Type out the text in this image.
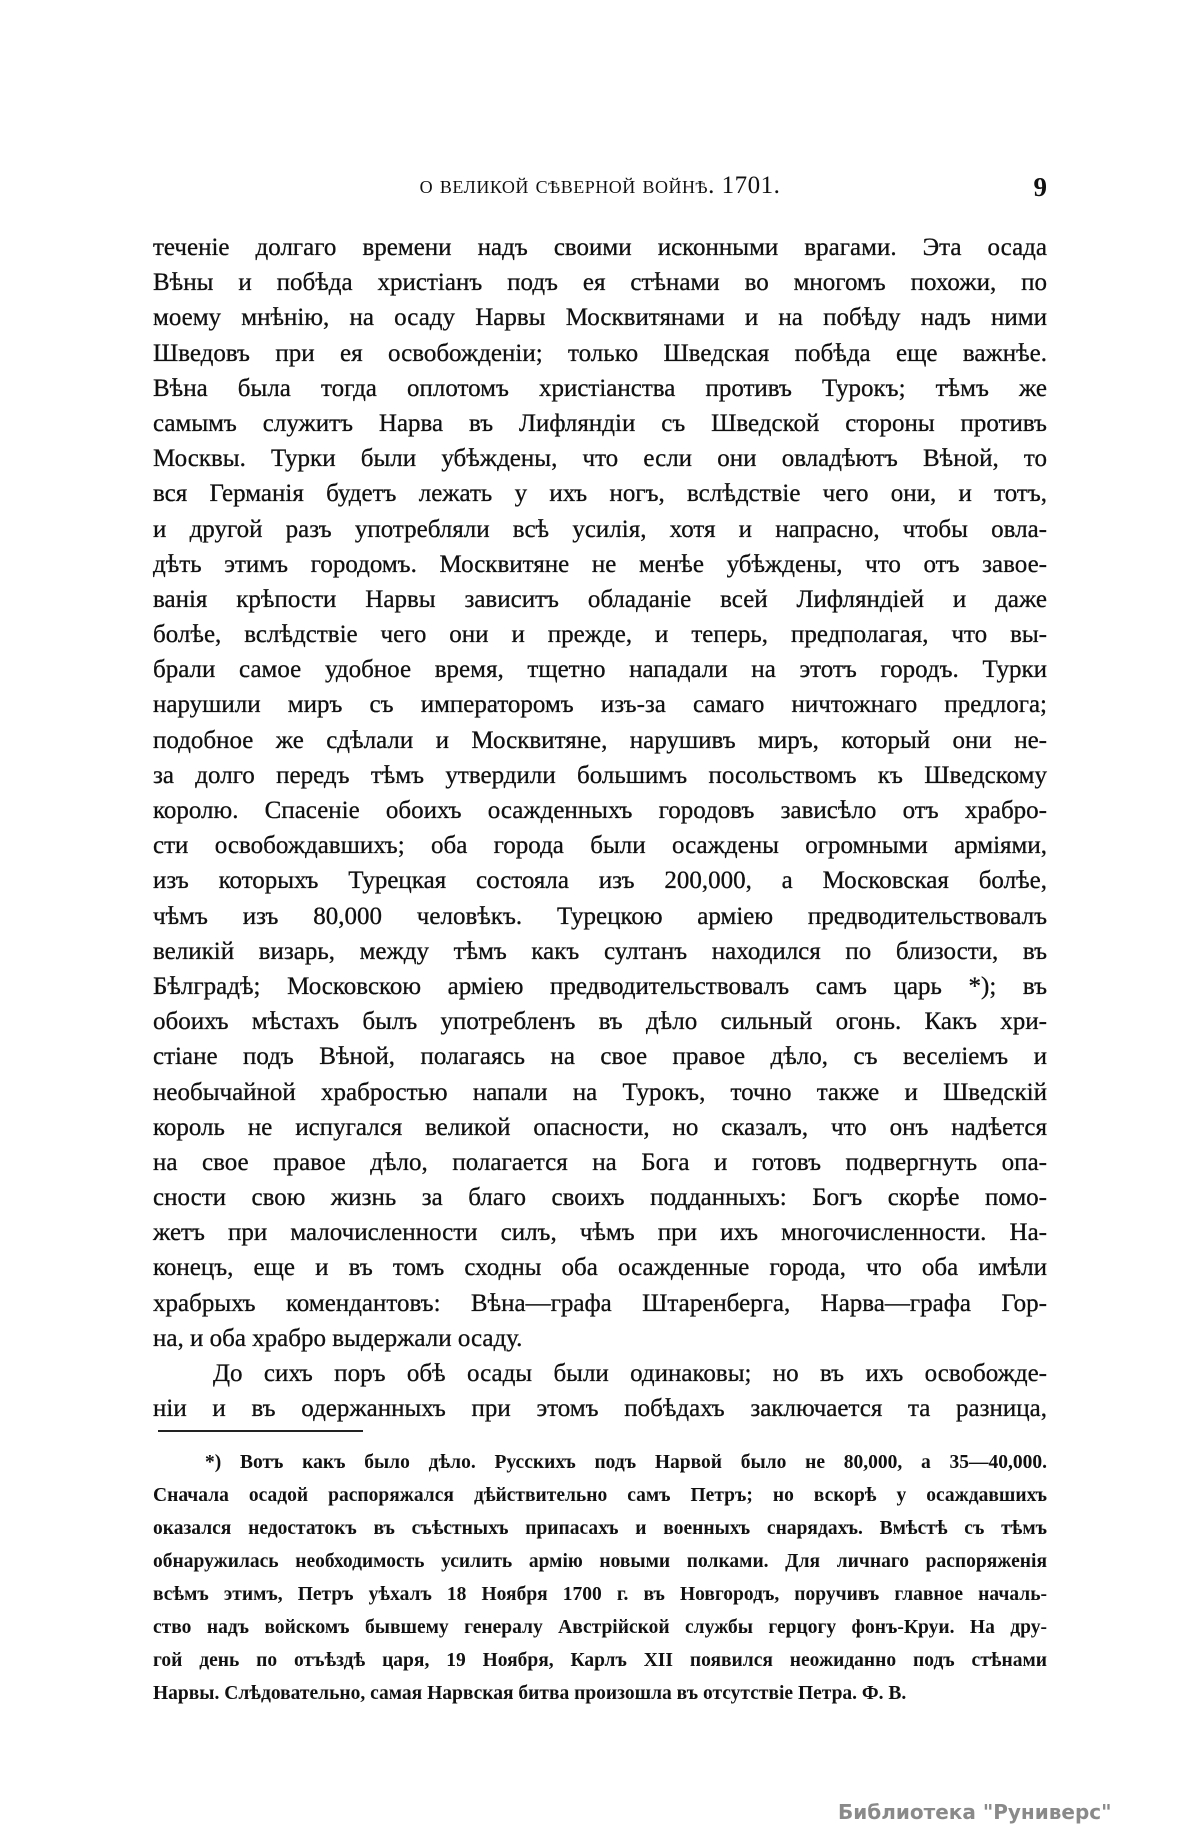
о великой сѣверной войнѣ. 1701.	9
теченіе долгаго времени надъ своими исконными врагами. Эта осада
Вѣны и побѣда христіанъ подъ ея стѣнами во многомъ похожи, по
моему мнѣнію, на осаду Нарвы Москвитянами и на побѣду надъ ними
Шведовъ при ея освобожденіи; только Шведская побѣда еще важнѣе.
Вѣна была тогда оплотомъ христіанства противъ Турокъ; тѣмъ же
самымъ служитъ Нарва въ Лифляндіи съ Шведской стороны противъ
Москвы. Турки были убѣждены, что если они овладѣютъ Вѣной, то
вся Германія будетъ лежать у ихъ ногъ, вслѣдствіе чего они, и тотъ,
и другой разъ употребляли всѣ усилія, хотя и напрасно, чтобы овла-
дѣть этимъ городомъ. Москвитяне не менѣе убѣждены, что отъ завое-
ванія крѣпости Нарвы зависитъ обладаніе всей Лифляндіей и даже
болѣе, вслѣдствіе чего они и прежде, и теперь, предполагая, что вы-
брали самое удобное время, тщетно нападали на этотъ городъ. Турки
нарушили миръ съ императоромъ изъ-за самаго ничтожнаго предлога;
подобное же сдѣлали и Москвитяне, нарушивъ миръ, который они не-
за долго передъ тѣмъ утвердили большимъ посольствомъ къ Шведскому
королю. Спасеніе обоихъ осажденныхъ городовъ зависѣло отъ храбро-
сти освобождавшихъ; оба города были осаждены огромными арміями,
изъ которыхъ Турецкая состояла изъ 200,000, а Московская болѣе,
чѣмъ изъ 80,000 человѣкъ. Турецкою арміею предводительствовалъ
великій визарь, между тѣмъ какъ султанъ находился по близости, въ
Бѣлградѣ; Московскою арміею предводительствовалъ самъ царь *); въ
обоихъ мѣстахъ былъ употребленъ въ дѣло сильный огонь. Какъ хри-
стіане подъ Вѣной, полагаясь на свое правое дѣло, съ веселіемъ и
необычайной храбростью напали на Турокъ, точно также и Шведскій
король не испугался великой опасности, но сказалъ, что онъ надѣется
на свое правое дѣло, полагается на Бога и готовъ подвергнуть опа-
сности свою жизнь за благо своихъ подданныхъ: Богъ скорѣе помо-
жетъ при малочисленности силъ, чѣмъ при ихъ многочисленности. На-
конецъ, еще и въ томъ сходны оба осажденные города, что оба имѣли
храбрыхъ комендантовъ: Вѣна—графа Штаренберга, Нарва—графа Гор-
на, и оба храбро выдержали осаду.
До сихъ поръ обѣ осады были одинаковы; но въ ихъ освобожде-
ніи и въ одержанныхъ при этомъ побѣдахъ заключается та разница,
*) Вотъ какъ было дѣло. Русскихъ подъ Нарвой было не 80,000, а 35—40,000.
Сначала осадой распоряжался дѣйствительно самъ Петръ; но вскорѣ у осаждавшихъ
оказался недостатокъ въ съѣстныхъ припасахъ и военныхъ снарядахъ. Вмѣстѣ съ тѣмъ
обнаружилась необходимость усилить армію новыми полками. Для личнаго распоряженія
всѣмъ этимъ, Петръ уѣхалъ 18 Ноября 1700 г. въ Новгородъ, поручивъ главное началь-
ство надъ войскомъ бывшему генералу Австрійской службы герцогу фонъ-Круи. На дру-
гой день по отъѣздѣ царя, 19 Ноября, Карлъ XII появился неожиданно подъ стѣнами
Нарвы. Слѣдовательно, самая Нарвская битва произошла въ отсутствіе Петра. Ф. В.
Библиотека "Руниверс"
